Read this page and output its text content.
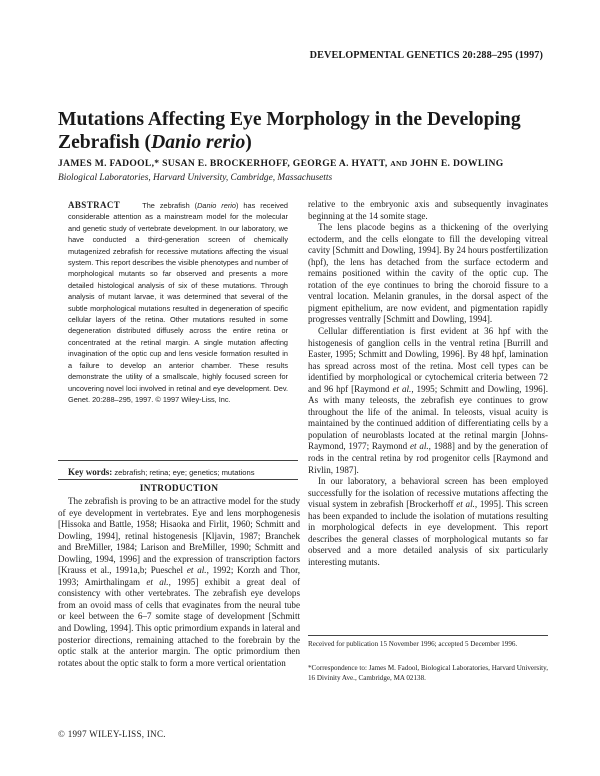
DEVELOPMENTAL GENETICS 20:288–295 (1997)
Mutations Affecting Eye Morphology in the Developing Zebrafish (Danio rerio)
JAMES M. FADOOL,* SUSAN E. BROCKERHOFF, GEORGE A. HYATT, AND JOHN E. DOWLING
Biological Laboratories, Harvard University, Cambridge, Massachusetts

ABSTRACT	The zebrafish (Danio rerio) has received considerable attention as a mainstream model for the molecular and genetic study of vertebrate development. In our laboratory, we have conducted a third-generation screen of chemically mutagenized zebrafish for recessive mutations affecting the visual system. This report describes the visible phenotypes and number of morphological mutants so far observed and presents a more detailed histological analysis of six of these mutations. Through analysis of mutant larvae, it was determined that several of the subtle morphological mutations resulted in degeneration of specific cellular layers of the retina. Other mutations resulted in some degeneration distributed diffusely across the entire retina or concentrated at the retinal margin. A single mutation affecting invagination of the optic cup and lens vesicle formation resulted in a failure to develop an anterior chamber. These results demonstrate the utility of a smallscale, highly focused screen for uncovering novel loci involved in retinal and eye development. Dev. Genet. 20:288–295, 1997. © 1997 Wiley-Liss, Inc.

Key words: zebrafish; retina; eye; genetics; mutations

INTRODUCTION

The zebrafish is proving to be an attractive model for the study of eye development in vertebrates. Eye and lens morphogenesis [Hissoka and Battle, 1958; Hisaoka and Firlit, 1960; Schmitt and Dowling, 1994], retinal histogenesis [Kljavin, 1987; Branchek and BreMiller, 1984; Larison and BreMiller, 1990; Schmitt and Dowling, 1994, 1996] and the expression of transcription factors [Krauss et al., 1991a,b; Pueschel et al., 1992; Korzh and Thor, 1993; Amirthalingam et al., 1995] exhibit a great deal of consistency with other vertebrates. The zebrafish eye develops from an ovoid mass of cells that evaginates from the neural tube or keel between the 6–7 somite stage of development [Schmitt and Dowling, 1994]. This optic primordium expands in lateral and posterior directions, remaining attached to the forebrain by the optic stalk at the anterior margin. The optic primordium then rotates about the optic stalk to form a more vertical orientation

relative to the embryonic axis and subsequently invaginates beginning at the 14 somite stage.

The lens placode begins as a thickening of the overlying ectoderm, and the cells elongate to fill the developing vitreal cavity [Schmitt and Dowling, 1994]. By 24 hours postfertilization (hpf), the lens has detached from the surface ectoderm and remains positioned within the cavity of the optic cup. The rotation of the eye continues to bring the choroid fissure to a ventral location. Melanin granules, in the dorsal aspect of the pigment epithelium, are now evident, and pigmentation rapidly progresses ventrally [Schmitt and Dowling, 1994].

Cellular differentiation is first evident at 36 hpf with the histogenesis of ganglion cells in the ventral retina [Burrill and Easter, 1995; Schmitt and Dowling, 1996]. By 48 hpf, lamination has spread across most of the retina. Most cell types can be identified by morphological or cytochemical criteria between 72 and 96 hpf [Raymond et al., 1995; Schmitt and Dowling, 1996]. As with many teleosts, the zebrafish eye continues to grow throughout the life of the animal. In teleosts, visual acuity is maintained by the continued addition of differentiating cells by a population of neuroblasts located at the retinal margin [Johns-Raymond, 1977; Raymond et al., 1988] and by the generation of rods in the central retina by rod progenitor cells [Raymond and Rivlin, 1987].

In our laboratory, a behavioral screen has been employed successfully for the isolation of recessive mutations affecting the visual system in zebrafish [Brockerhoff et al., 1995]. This screen has been expanded to include the isolation of mutations resulting in morphological defects in eye development. This report describes the general classes of morphological mutants so far observed and a more detailed analysis of six particularly interesting mutants.

Received for publication 15 November 1996; accepted 5 December 1996.

*Correspondence to: James M. Fadool, Biological Laboratories, Harvard University, 16 Divinity Ave., Cambridge, MA 02138.

© 1997 WILEY-LISS, INC.
